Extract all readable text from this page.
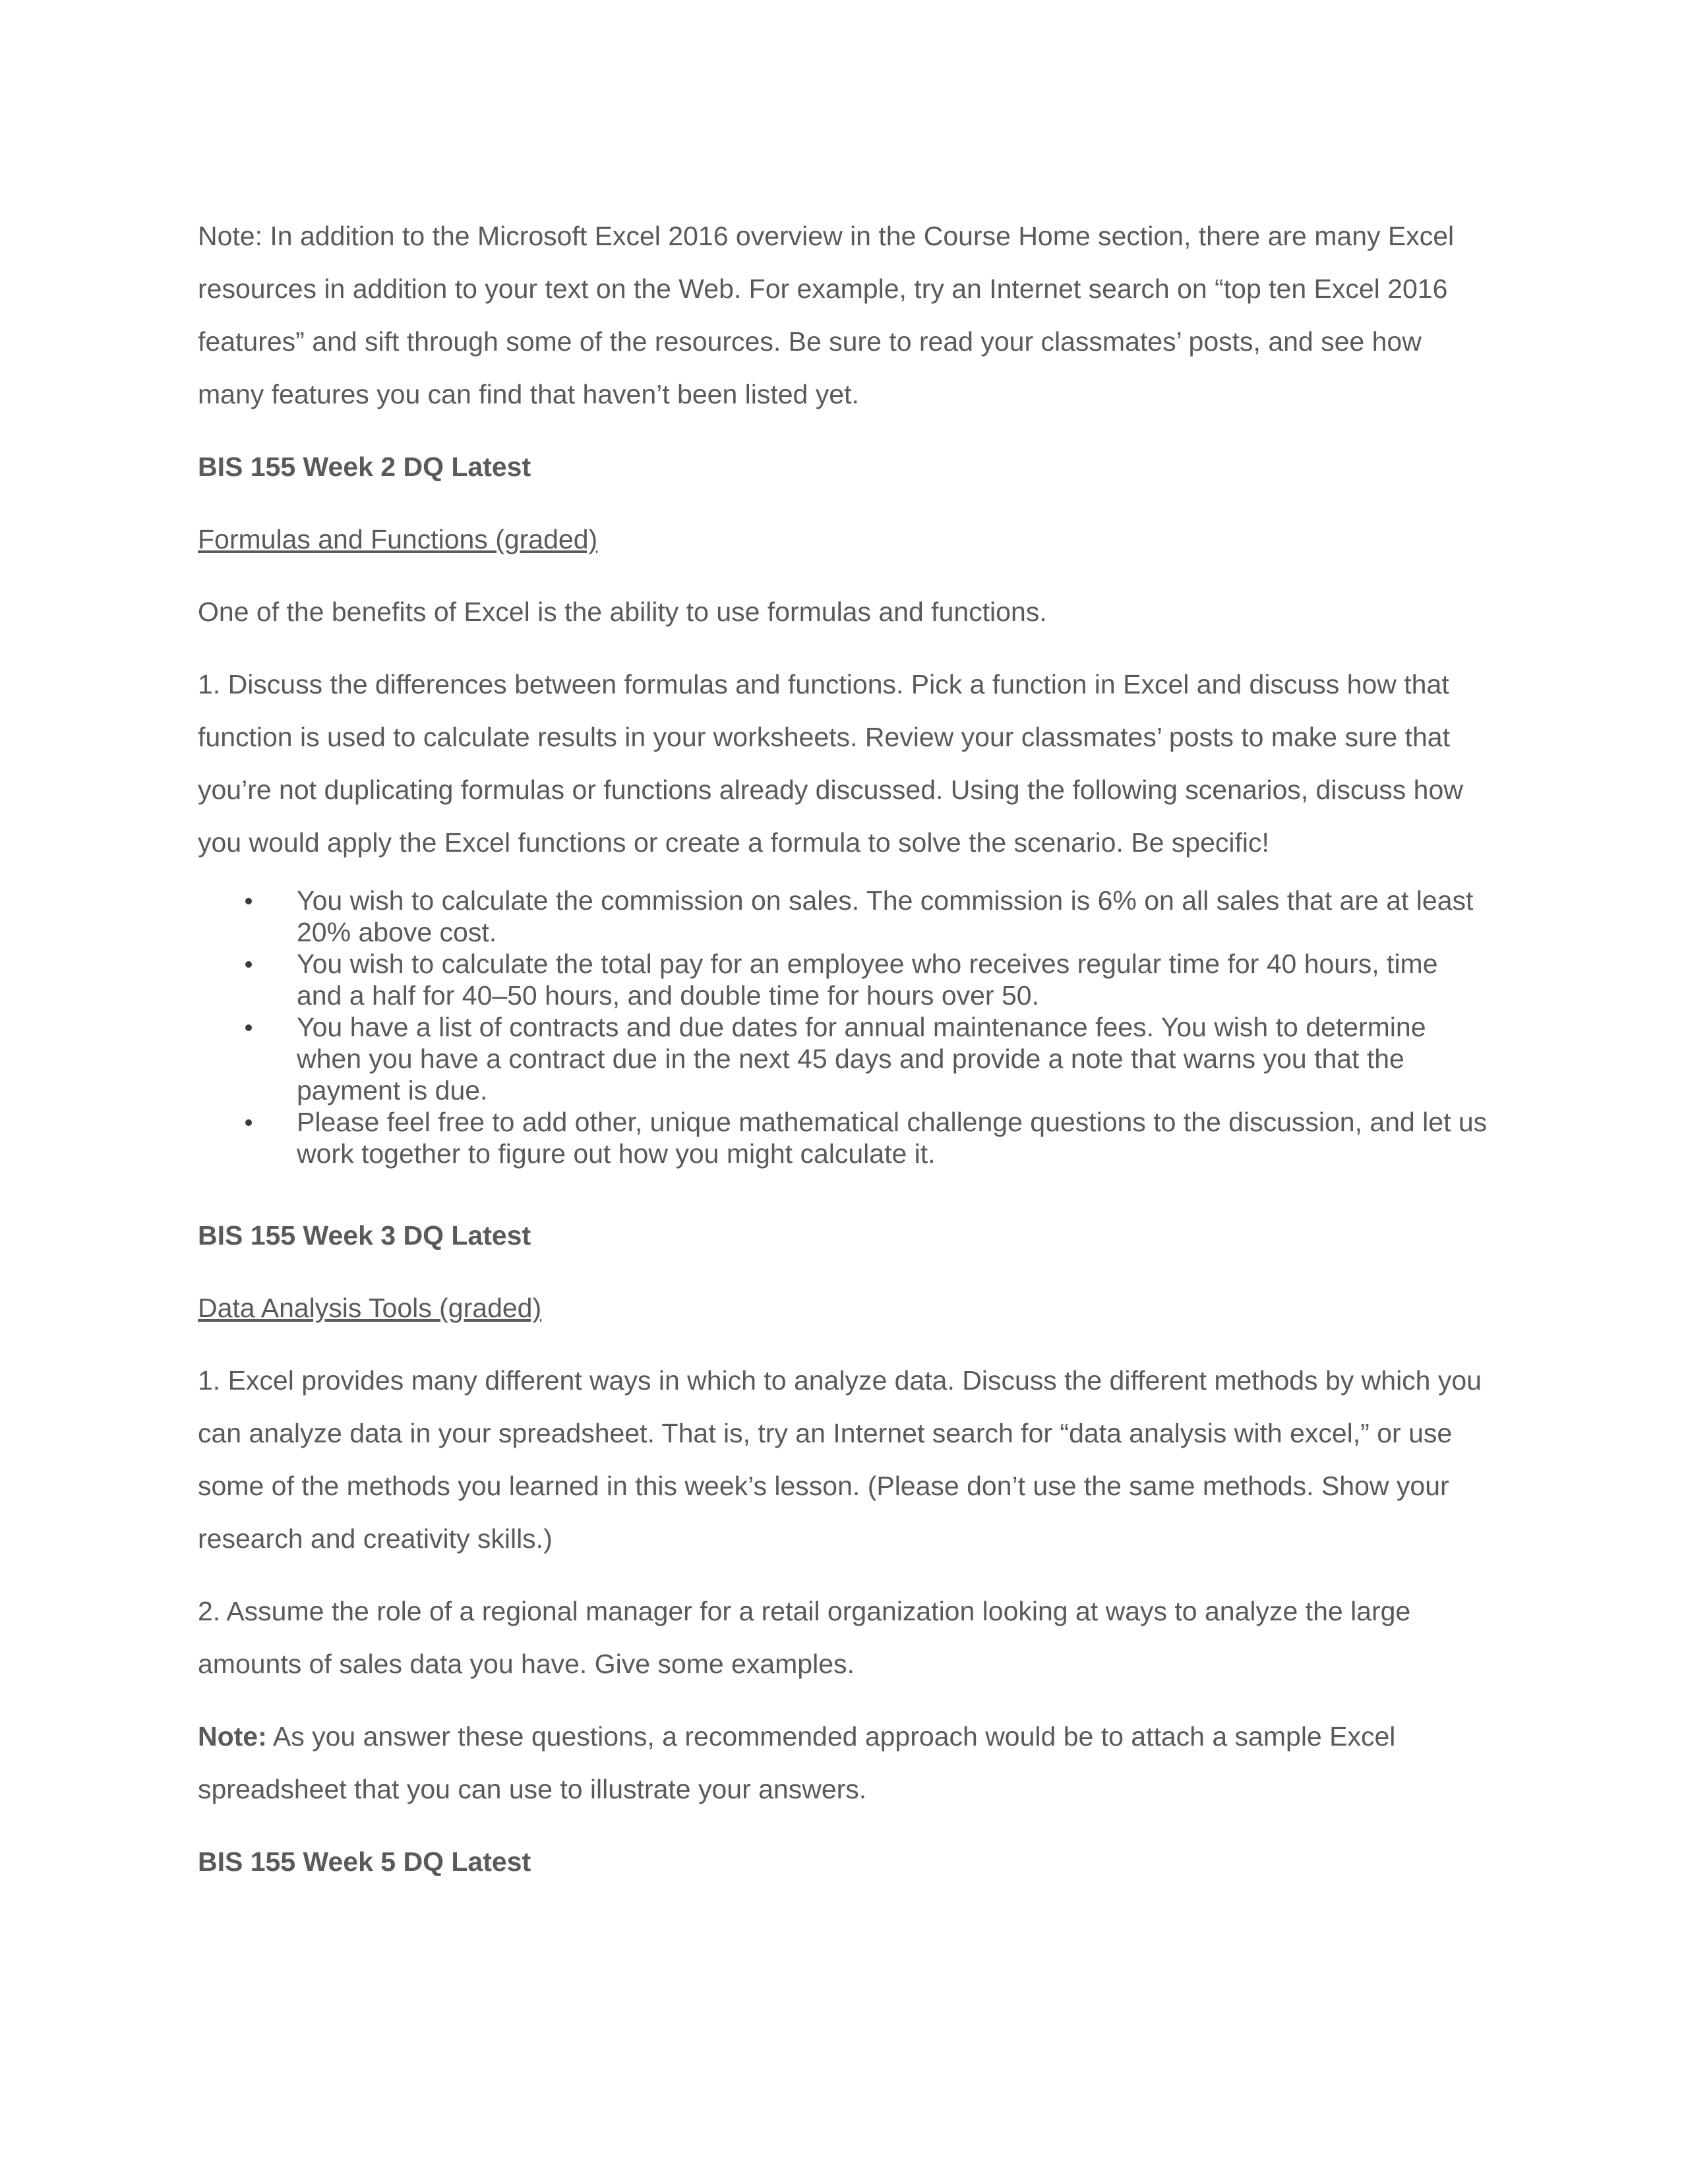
Note: In addition to the Microsoft Excel 2016 overview in the Course Home section, there are many Excel resources in addition to your text on the Web. For example, try an Internet search on “top ten Excel 2016 features” and sift through some of the resources. Be sure to read your classmates’ posts, and see how many features you can find that haven’t been listed yet.

BIS 155 Week 2 DQ Latest

Formulas and Functions (graded)

One of the benefits of Excel is the ability to use formulas and functions.

1. Discuss the differences between formulas and functions. Pick a function in Excel and discuss how that function is used to calculate results in your worksheets. Review your classmates’ posts to make sure that you’re not duplicating formulas or functions already discussed. Using the following scenarios, discuss how you would apply the Excel functions or create a formula to solve the scenario. Be specific!

You wish to calculate the commission on sales. The commission is 6% on all sales that are at least 20% above cost.
You wish to calculate the total pay for an employee who receives regular time for 40 hours, time and a half for 40–50 hours, and double time for hours over 50.
You have a list of contracts and due dates for annual maintenance fees. You wish to determine when you have a contract due in the next 45 days and provide a note that warns you that the payment is due.
Please feel free to add other, unique mathematical challenge questions to the discussion, and let us work together to figure out how you might calculate it.

BIS 155 Week 3 DQ Latest

Data Analysis Tools (graded)

1. Excel provides many different ways in which to analyze data. Discuss the different methods by which you can analyze data in your spreadsheet. That is, try an Internet search for “data analysis with excel,” or use some of the methods you learned in this week’s lesson. (Please don’t use the same methods. Show your research and creativity skills.)

2. Assume the role of a regional manager for a retail organization looking at ways to analyze the large amounts of sales data you have. Give some examples.

Note: As you answer these questions, a recommended approach would be to attach a sample Excel spreadsheet that you can use to illustrate your answers.

BIS 155 Week 5 DQ Latest
